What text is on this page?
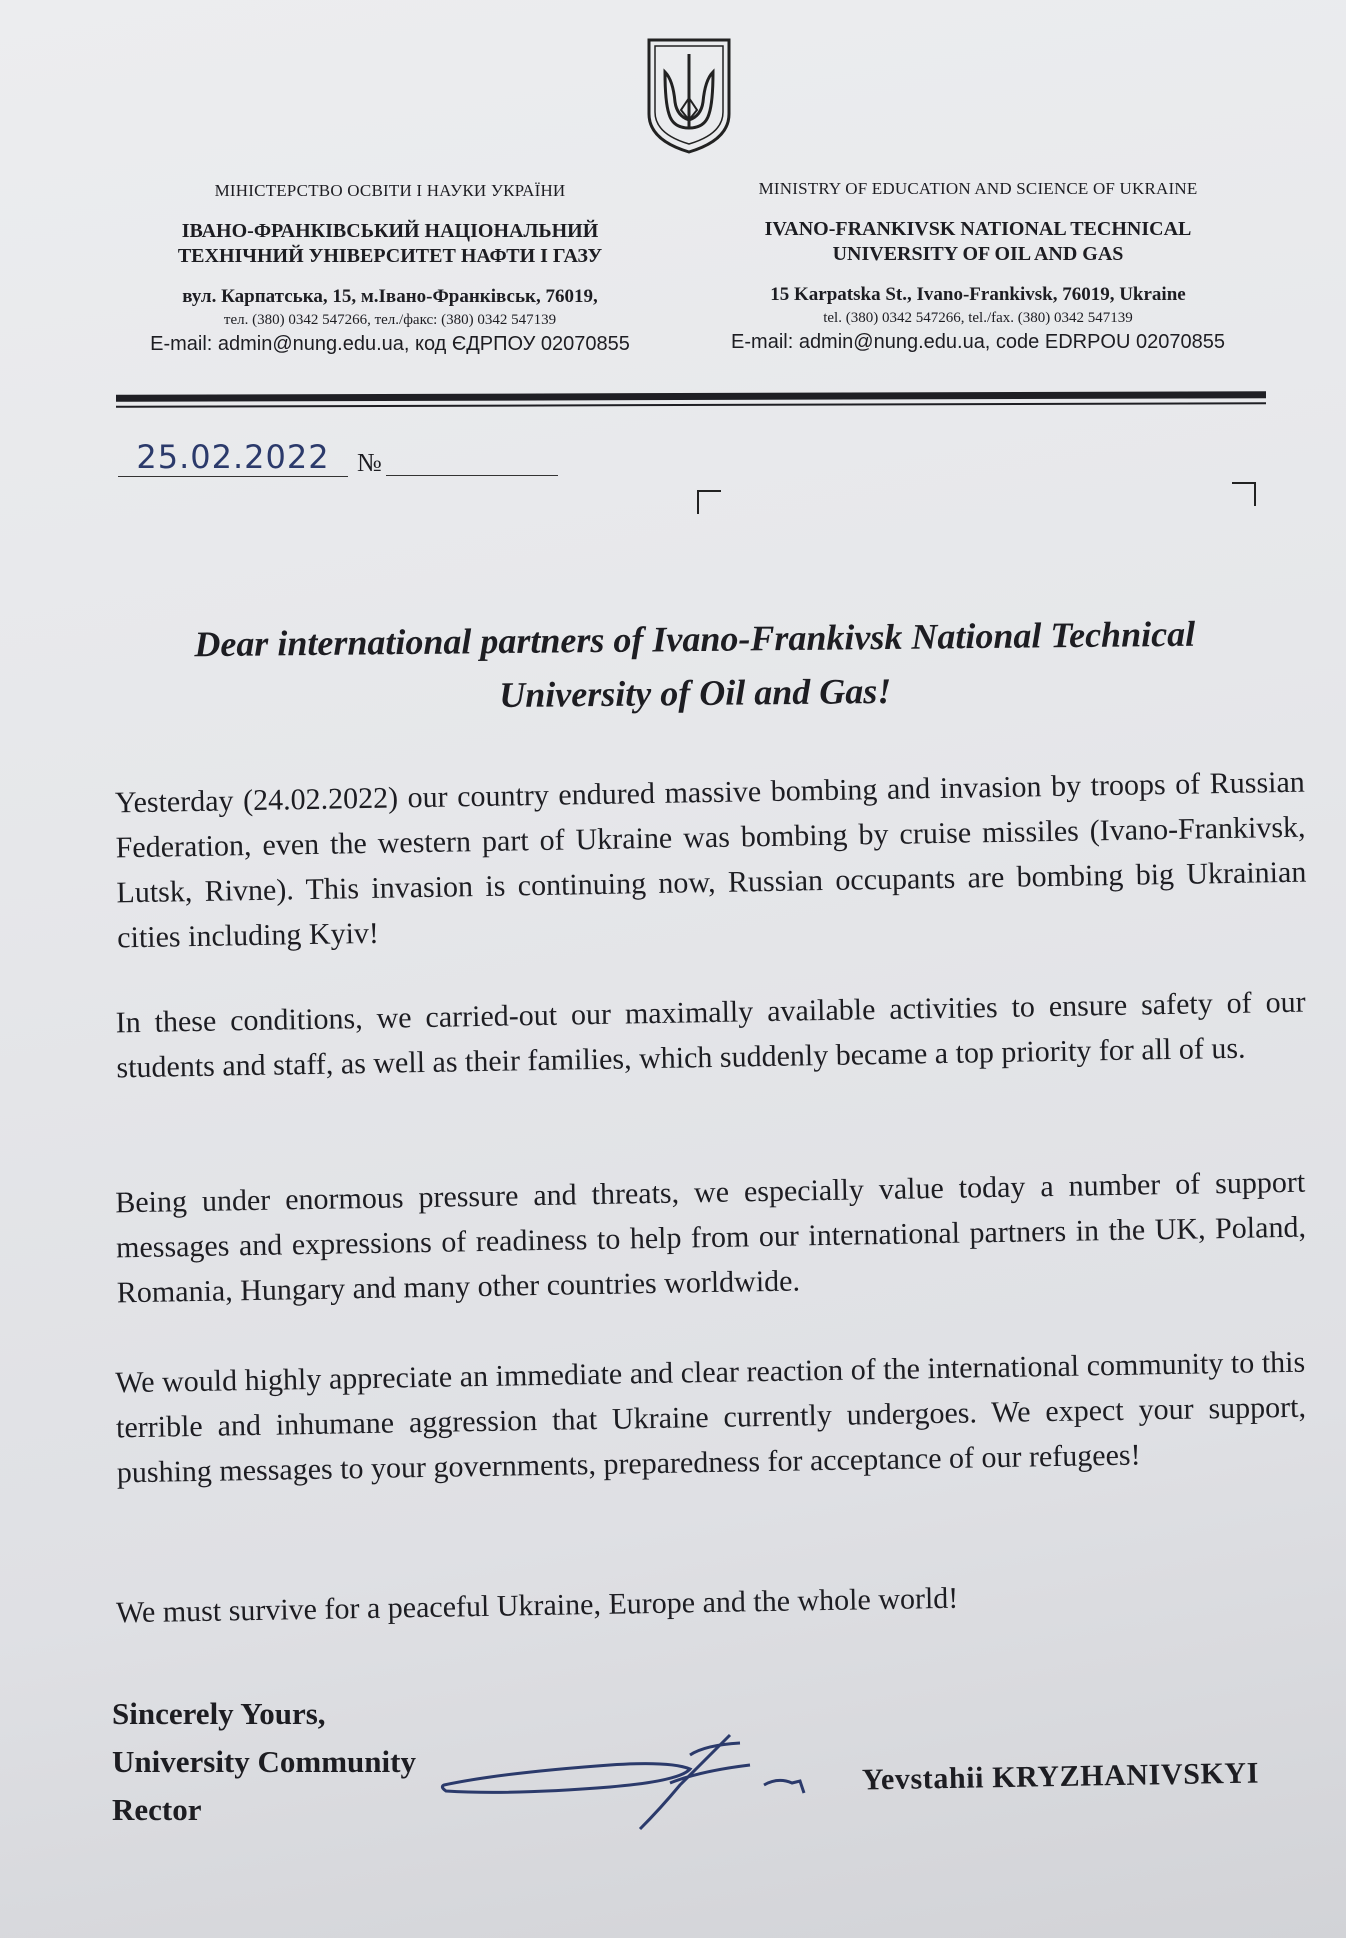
МІНІСТЕРСТВО ОСВІТИ І НАУКИ УКРАЇНИ
ІВАНО-ФРАНКІВСЬКИЙ НАЦІОНАЛЬНИЙ
ТЕХНІЧНИЙ УНІВЕРСИТЕТ НАФТИ І ГАЗУ
вул. Карпатська, 15, м.Івано-Франківськ, 76019,
тел. (380) 0342 547266, тел./факс: (380) 0342 547139
E-mail: admin@nung.edu.ua, код ЄДРПОУ 02070855
MINISTRY OF EDUCATION AND SCIENCE OF UKRAINE
IVANO-FRANKIVSK NATIONAL TECHNICAL
UNIVERSITY OF OIL AND GAS
15 Karpatska St., Ivano-Frankivsk, 76019, Ukraine
tel. (380) 0342 547266, tel./fax. (380) 0342 547139
E-mail: admin@nung.edu.ua, code EDRPOU 02070855
25.02.2022	№
Dear international partners of Ivano-Frankivsk National Technical University of Oil and Gas!
Yesterday (24.02.2022) our country endured massive bombing and invasion by troops of Russian Federation, even the western part of Ukraine was bombing by cruise missiles (Ivano-Frankivsk, Lutsk, Rivne). This invasion is continuing now, Russian occupants are bombing big Ukrainian cities including Kyiv!
In these conditions, we carried-out our maximally available activities to ensure safety of our students and staff, as well as their families, which suddenly became a top priority for all of us.
Being under enormous pressure and threats, we especially value today a number of support messages and expressions of readiness to help from our international partners in the UK, Poland, Romania, Hungary and many other countries worldwide.
We would highly appreciate an immediate and clear reaction of the international community to this terrible and inhumane aggression that Ukraine currently undergoes. We expect your support, pushing messages to your governments, preparedness for acceptance of our refugees!
We must survive for a peaceful Ukraine, Europe and the whole world!
Sincerely Yours,
University Community
Rector
Yevstahii KRYZHANIVSKYI
